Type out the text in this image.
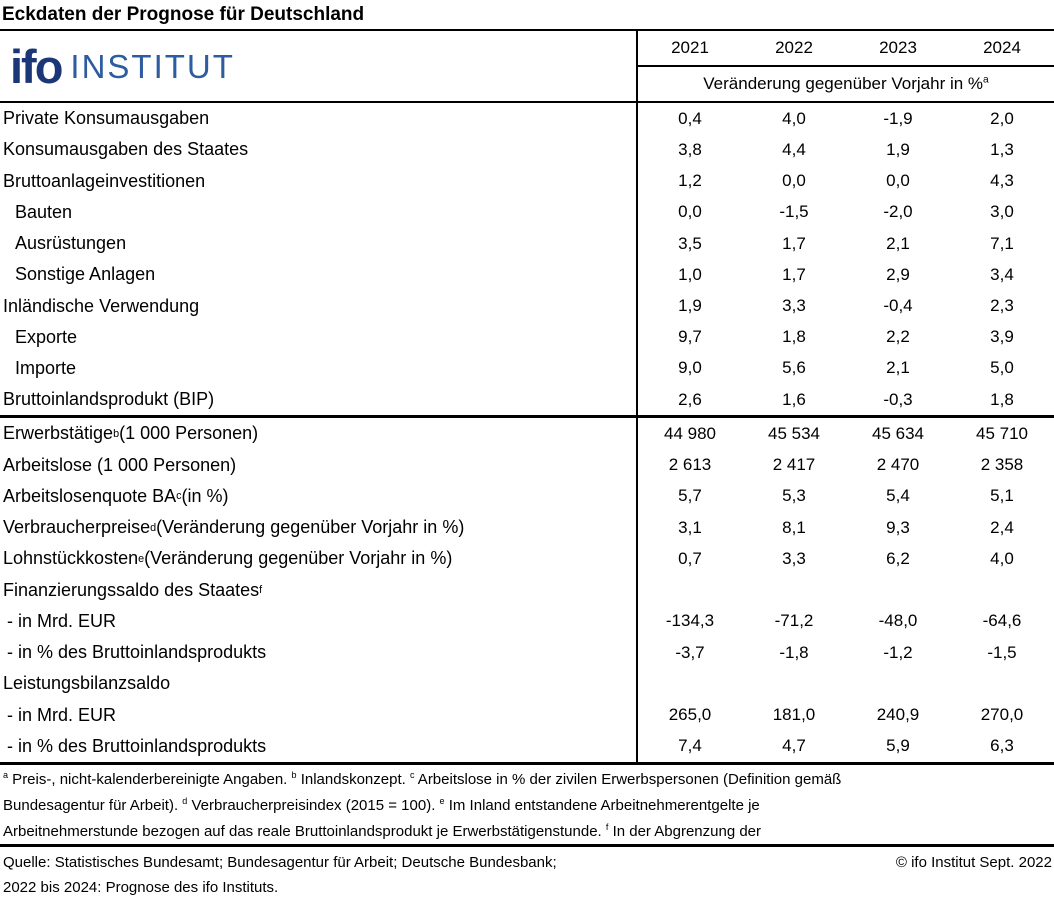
Eckdaten der Prognose für Deutschland
ifo INSTITUT	2021	2022	2023	2024
Veränderung gegenüber Vorjahr in %$^a$
Private Konsumausgaben	0,4	4,0	-1,9	2,0
Konsumausgaben des Staates	3,8	4,4	1,9	1,3
Bruttoanlageinvestitionen	1,2	0,0	0,0	4,3
Bauten	0,0	-1,5	-2,0	3,0
Ausrüstungen	3,5	1,7	2,1	7,1
Sonstige Anlagen	1,0	1,7	2,9	3,4
Inländische Verwendung	1,9	3,3	-0,4	2,3
Exporte	9,7	1,8	2,2	3,9
Importe	9,0	5,6	2,1	5,0
Bruttoinlandsprodukt (BIP)	2,6	1,6	-0,3	1,8
Erwerbstätige b (1 000 Personen)	44 980	45 534	45 634	45 710
Arbeitslose (1 000 Personen)	2 613	2 417	2 470	2 358
Arbeitslosenquote BA c (in %)	5,7	5,3	5,4	5,1
Verbraucherpreise d (Veränderung gegenüber Vorjahr in %)	3,1	8,1	9,3	2,4
Lohnstückkosten e (Veränderung gegenüber Vorjahr in %)	0,7	3,3	6,2	4,0
Finanzierungssaldo des Staates f
- in Mrd. EUR	-134,3	-71,2	-48,0	-64,6
- in % des Bruttoinlandsprodukts	-3,7	-1,8	-1,2	-1,5
Leistungsbilanzsaldo
- in Mrd. EUR	265,0	181,0	240,9	270,0
- in % des Bruttoinlandsprodukts	7,4	4,7	5,9	6,3
$^a$ Preis-, nicht-kalenderbereinigte Angaben. $^b$ Inlandskonzept. $^c$ Arbeitslose in % der zivilen Erwerbspersonen (Definition gemäß
Bundesagentur für Arbeit). $^d$ Verbraucherpreisindex (2015 = 100). $^e$ Im Inland entstandene Arbeitnehmerentgelte je
Arbeitnehmerstunde bezogen auf das reale Bruttoinlandsprodukt je Erwerbstätigenstunde. $^f$ In der Abgrenzung der
Quelle: Statistisches Bundesamt; Bundesagentur für Arbeit; Deutsche Bundesbank;	© ifo Institut Sept. 2022
2022 bis 2024: Prognose des ifo Instituts.
